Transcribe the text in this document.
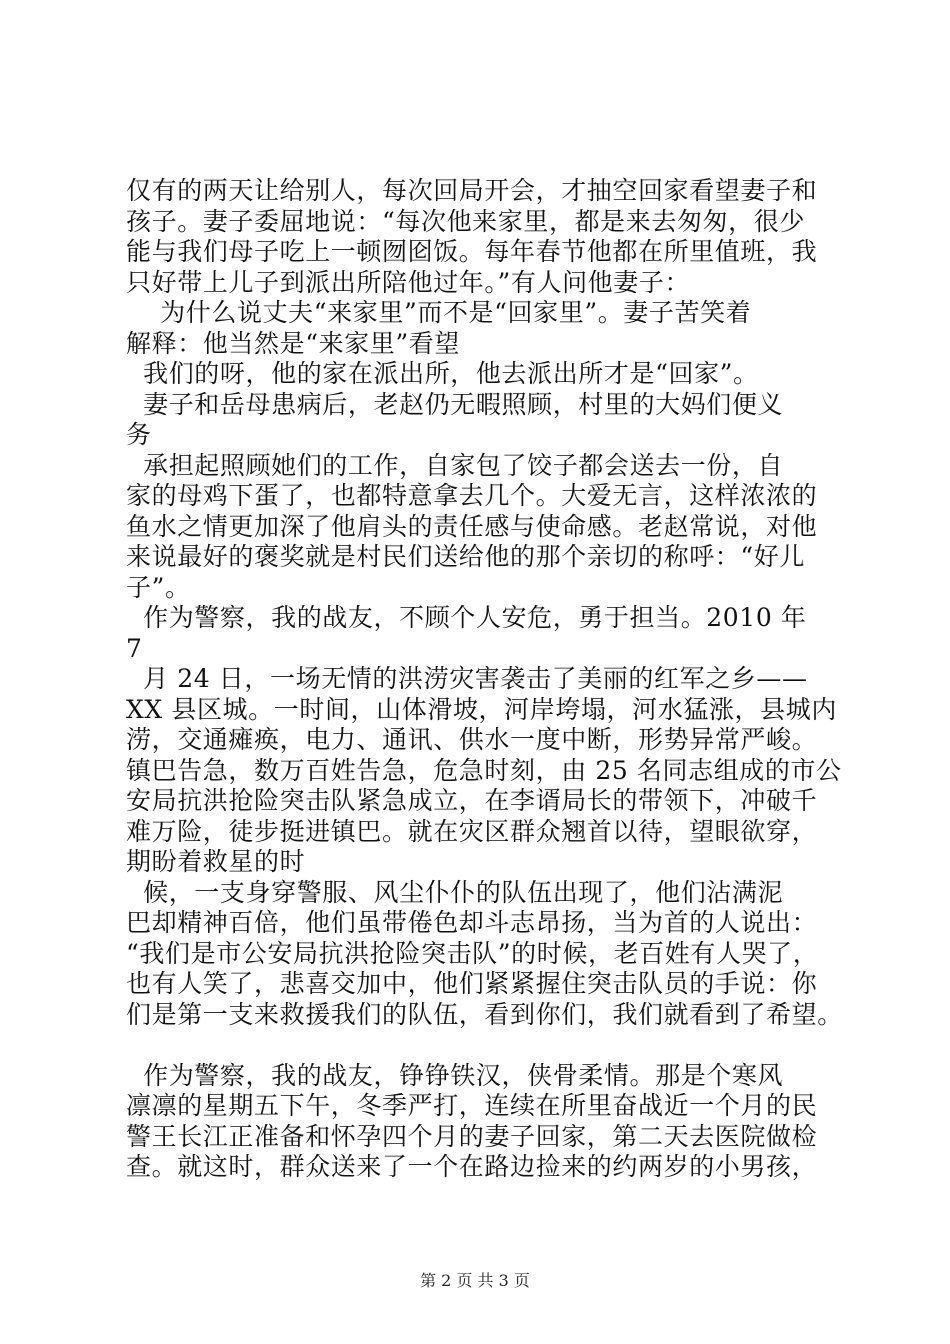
仅有的两天让给别人，每次回局开会，才抽空回家看望妻子和
孩子。妻子委屈地说：“每次他来家里，都是来去匆匆，很少
能与我们母子吃上一顿囫囵饭。每年春节他都在所里值班，我
只好带上儿子到派出所陪他过年。”有人问他妻子：
为什么说丈夫“来家里”而不是“回家里”。妻子苦笑着
解释：他当然是“来家里”看望
我们的呀，他的家在派出所，他去派出所才是“回家”。
妻子和岳母患病后，老赵仍无暇照顾，村里的大妈们便义
务
承担起照顾她们的工作，自家包了饺子都会送去一份，自
家的母鸡下蛋了，也都特意拿去几个。大爱无言，这样浓浓的
鱼水之情更加深了他肩头的责任感与使命感。老赵常说，对他
来说最好的褒奖就是村民们送给他的那个亲切的称呼：“好儿
子”。
作为警察，我的战友，不顾个人安危，勇于担当。2010 年
7
月 24 日，一场无情的洪涝灾害袭击了美丽的红军之乡——
XX 县区城。一时间，山体滑坡，河岸垮塌，河水猛涨，县城内
涝，交通瘫痪，电力、通讯、供水一度中断，形势异常严峻。
镇巴告急，数万百姓告急，危急时刻，由 25 名同志组成的市公
安局抗洪抢险突击队紧急成立，在李谞局长的带领下，冲破千
难万险，徒步挺进镇巴。就在灾区群众翘首以待，望眼欲穿，
期盼着救星的时
候，一支身穿警服、风尘仆仆的队伍出现了，他们沾满泥
巴却精神百倍，他们虽带倦色却斗志昂扬，当为首的人说出：
“我们是市公安局抗洪抢险突击队”的时候，老百姓有人哭了，
也有人笑了，悲喜交加中，他们紧紧握住突击队员的手说：你
们是第一支来救援我们的队伍，看到你们，我们就看到了希望。
作为警察，我的战友，铮铮铁汉，侠骨柔情。那是个寒风
凛凛的星期五下午，冬季严打，连续在所里奋战近一个月的民
警王长江正准备和怀孕四个月的妻子回家，第二天去医院做检
查。就这时，群众送来了一个在路边捡来的约两岁的小男孩，
第 2 页 共 3 页
